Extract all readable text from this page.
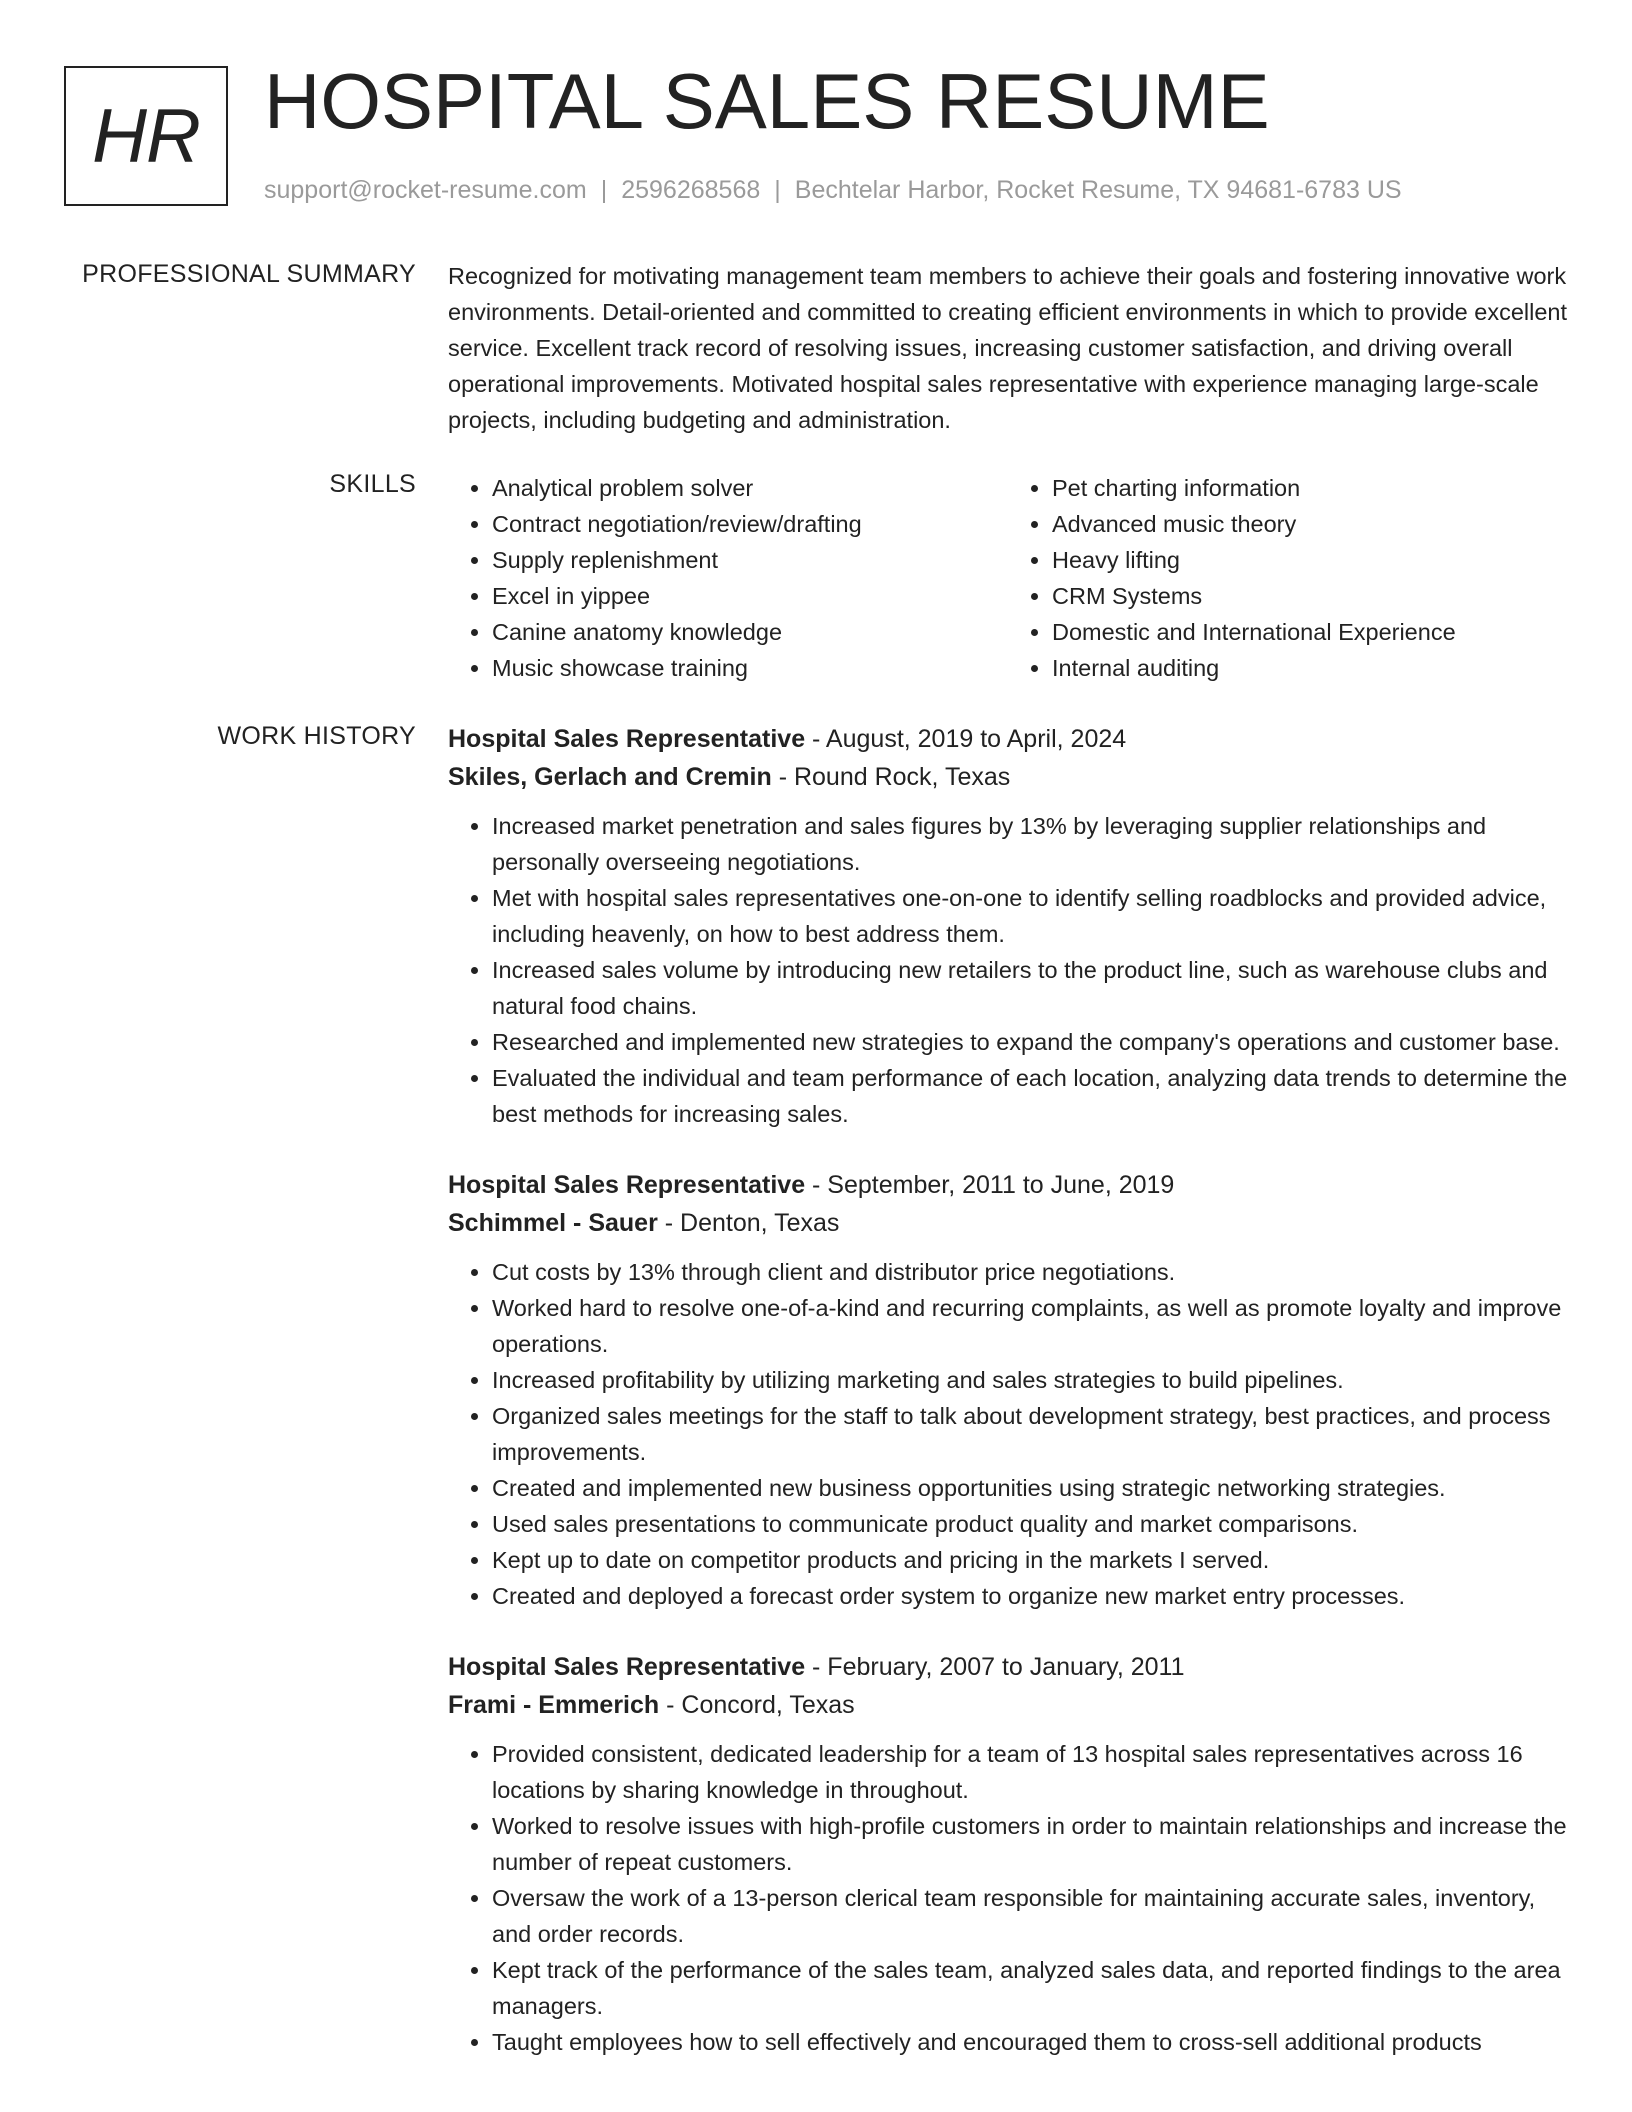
HR HOSPITAL SALES RESUME
support@rocket-resume.com | 2596268568 | Bechtelar Harbor, Rocket Resume, TX 94681-6783 US
PROFESSIONAL SUMMARY Recognized for motivating management team members to achieve their goals and fostering innovative work environments. Detail-oriented and committed to creating efficient environments in which to provide excellent service. Excellent track record of resolving issues, increasing customer satisfaction, and driving overall operational improvements. Motivated hospital sales representative with experience managing large-scale projects, including budgeting and administration.
SKILLS
•	Analytical problem solver
• Contract negotiation/review/drafting
• Supply replenishment
• Excel in yippee
• Canine anatomy knowledge
• Music showcase training
• Pet charting information
• Advanced music theory
• Heavy lifting
• CRM Systems
• Domestic and International Experience
• Internal auditing
WORK HISTORY Hospital Sales Representative - August, 2019 to April, 2024
Skiles, Gerlach and Cremin - Round Rock, Texas
• Increased market penetration and sales figures by 13% by leveraging supplier relationships and personally overseeing negotiations.
• Met with hospital sales representatives one-on-one to identify selling roadblocks and provided advice, including heavenly, on how to best address them.
• Increased sales volume by introducing new retailers to the product line, such as warehouse clubs and natural food chains.
• Researched and implemented new strategies to expand the company's operations and customer base.
• Evaluated the individual and team performance of each location, analyzing data trends to determine the best methods for increasing sales.
Hospital Sales Representative - September, 2011 to June, 2019
Schimmel - Sauer - Denton, Texas
• Cut costs by 13% through client and distributor price negotiations.
• Worked hard to resolve one-of-a-kind and recurring complaints, as well as promote loyalty and improve operations.
• Increased profitability by utilizing marketing and sales strategies to build pipelines.
• Organized sales meetings for the staff to talk about development strategy, best practices, and process improvements.
• Created and implemented new business opportunities using strategic networking strategies.
• Used sales presentations to communicate product quality and market comparisons.
• Kept up to date on competitor products and pricing in the markets I served.
• Created and deployed a forecast order system to organize new market entry processes.
Hospital Sales Representative - February, 2007 to January, 2011
Frami - Emmerich - Concord, Texas
• Provided consistent, dedicated leadership for a team of 13 hospital sales representatives across 16 locations by sharing knowledge in throughout.
• Worked to resolve issues with high-profile customers in order to maintain relationships and increase the number of repeat customers.
• Oversaw the work of a 13-person clerical team responsible for maintaining accurate sales, inventory, and order records.
• Kept track of the performance of the sales team, analyzed sales data, and reported findings to the area managers.
• Taught employees how to sell effectively and encouraged them to cross-sell additional products
